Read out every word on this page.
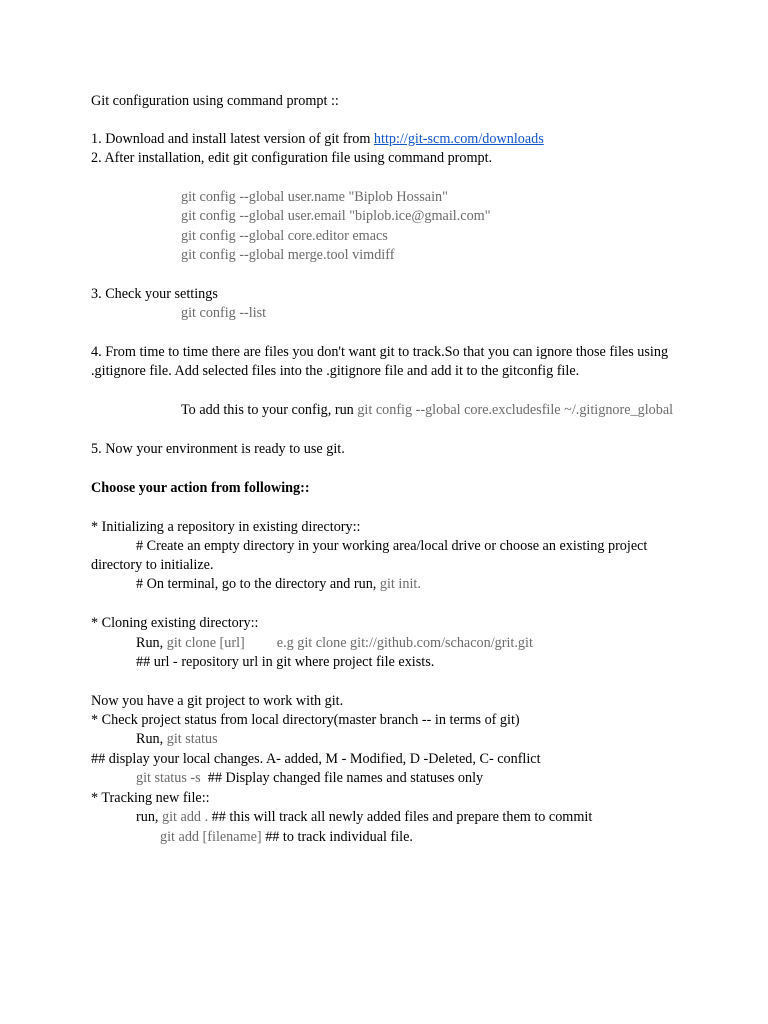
Git configuration using command prompt ::
1. Download and install latest version of git from http://git-scm.com/downloads
2. After installation, edit git configuration file using command prompt.
git config --global user.name "Biplob Hossain"
git config --global user.email "biplob.ice@gmail.com"
git config --global core.editor emacs
git config --global merge.tool vimdiff
3. Check your settings
git config --list
4. From time to time there are files you don't want git to track.So that you can ignore those files using
.gitignore file. Add selected files into the .gitignore file and add it to the gitconfig file.
To add this to your config, run git config --global core.excludesfile ~/.gitignore_global
5. Now your environment is ready to use git.
Choose your action from following::
* Initializing a repository in existing directory::
# Create an empty directory in your working area/local drive or choose an existing project
directory to initialize.
# On terminal, go to the directory and run, git init.
* Cloning existing directory::
Run, git clone [url] e.g git clone git://github.com/schacon/grit.git
## url - repository url in git where project file exists.
Now you have a git project to work with git.
* Check project status from local directory(master branch -- in terms of git)
Run, git status
## display your local changes. A- added, M - Modified, D -Deleted, C- conflict
git status -s  ## Display changed file names and statuses only
* Tracking new file::
run, git add . ## this will track all newly added files and prepare them to commit
git add [filename] ## to track individual file.
